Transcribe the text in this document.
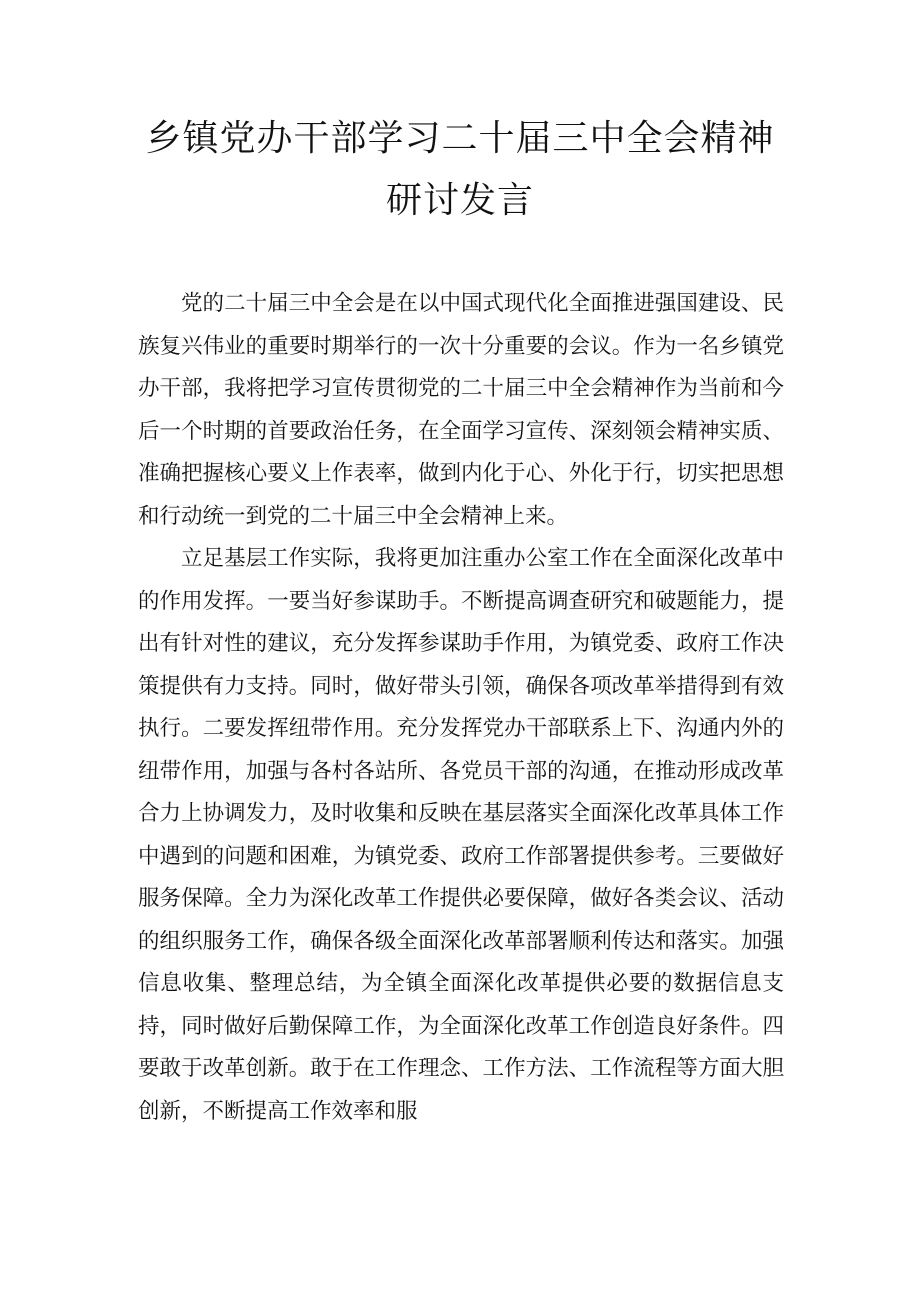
乡镇党办干部学习二十届三中全会精神研讨发言

党的二十届三中全会是在以中国式现代化全面推进强国建设、民族复兴伟业的重要时期举行的一次十分重要的会议。作为一名乡镇党办干部，我将把学习宣传贯彻党的二十届三中全会精神作为当前和今后一个时期的首要政治任务，在全面学习宣传、深刻领会精神实质、准确把握核心要义上作表率，做到内化于心、外化于行，切实把思想和行动统一到党的二十届三中全会精神上来。

立足基层工作实际，我将更加注重办公室工作在全面深化改革中的作用发挥。一要当好参谋助手。不断提高调查研究和破题能力，提出有针对性的建议，充分发挥参谋助手作用，为镇党委、政府工作决策提供有力支持。同时，做好带头引领，确保各项改革举措得到有效执行。二要发挥纽带作用。充分发挥党办干部联系上下、沟通内外的纽带作用，加强与各村各站所、各党员干部的沟通，在推动形成改革合力上协调发力，及时收集和反映在基层落实全面深化改革具体工作中遇到的问题和困难，为镇党委、政府工作部署提供参考。三要做好服务保障。全力为深化改革工作提供必要保障，做好各类会议、活动的组织服务工作，确保各级全面深化改革部署顺利传达和落实。加强信息收集、整理总结，为全镇全面深化改革提供必要的数据信息支持，同时做好后勤保障工作，为全面深化改革工作创造良好条件。四要敢于改革创新。敢于在工作理念、工作方法、工作流程等方面大胆创新，不断提高工作效率和服
